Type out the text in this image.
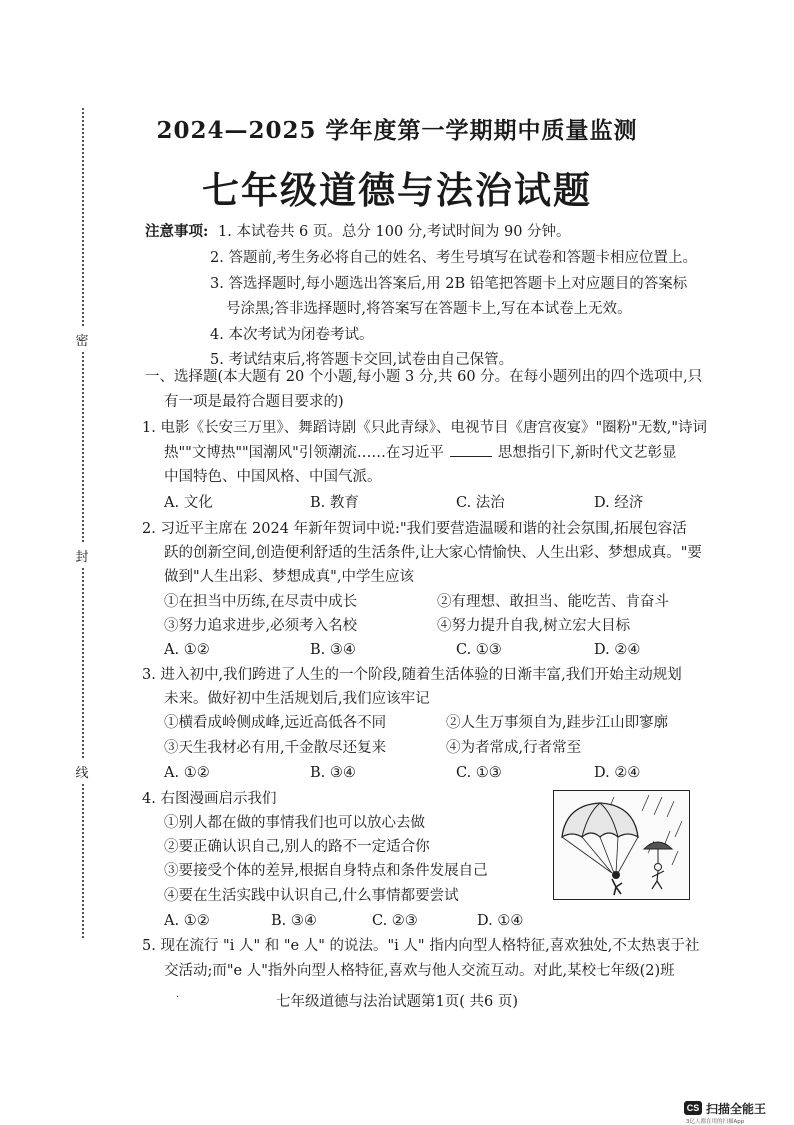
密
封
线
2024—2025 学年度第一学期期中质量监测
七年级道德与法治试题
注意事项: 1. 本试卷共 6 页。总分 100 分,考试时间为 90 分钟。
2. 答题前,考生务必将自己的姓名、考生号填写在试卷和答题卡相应位置上。
3. 答选择题时,每小题选出答案后,用 2B 铅笔把答题卡上对应题目的答案标
号涂黑;答非选择题时,将答案写在答题卡上,写在本试卷上无效。
4. 本次考试为闭卷考试。
5. 考试结束后,将答题卡交回,试卷由自己保管。
一、选择题(本大题有 20 个小题,每小题 3 分,共 60 分。在每小题列出的四个选项中,只
有一项是最符合题目要求的)
1. 电影《长安三万里》、舞蹈诗剧《只此青绿》、电视节目《唐宫夜宴》"圈粉"无数,"诗词
热""文博热""国潮风"引领潮流……在习近平	思想指引下,新时代文艺彰显
中国特色、中国风格、中国气派。
A. 文化	B. 教育	C. 法治	D. 经济
2. 习近平主席在 2024 年新年贺词中说:"我们要营造温暖和谐的社会氛围,拓展包容活
跃的创新空间,创造便利舒适的生活条件,让大家心情愉快、人生出彩、梦想成真。"要
做到"人生出彩、梦想成真",中学生应该
①在担当中历练,在尽责中成长	②有理想、敢担当、能吃苦、肯奋斗
③努力追求进步,必须考入名校	④努力提升自我,树立宏大目标
A. ①②	B. ③④	C. ①③	D. ②④
3. 进入初中,我们跨进了人生的一个阶段,随着生活体验的日渐丰富,我们开始主动规划
未来。做好初中生活规划后,我们应该牢记
①横看成岭侧成峰,远近高低各不同	②人生万事须自为,跬步江山即寥廓
③天生我材必有用,千金散尽还复来	④为者常成,行者常至
A. ①②	B. ③④	C. ①③	D. ②④
4. 右图漫画启示我们
①别人都在做的事情我们也可以放心去做
②要正确认识自己,别人的路不一定适合你
③要接受个体的差异,根据自身特点和条件发展自己
④要在生活实践中认识自己,什么事情都要尝试
A. ①②	B. ③④	C. ②③	D. ①④
5. 现在流行 "i 人" 和 "e 人" 的说法。"i 人" 指内向型人格特征,喜欢独处,不太热衷于社
交活动;而"e 人"指外向型人格特征,喜欢与他人交流互动。对此,某校七年级(2)班
·	七年级道德与法治试题第1页( 共6 页)
CS 扫描全能王
3亿人都在用的扫描App
